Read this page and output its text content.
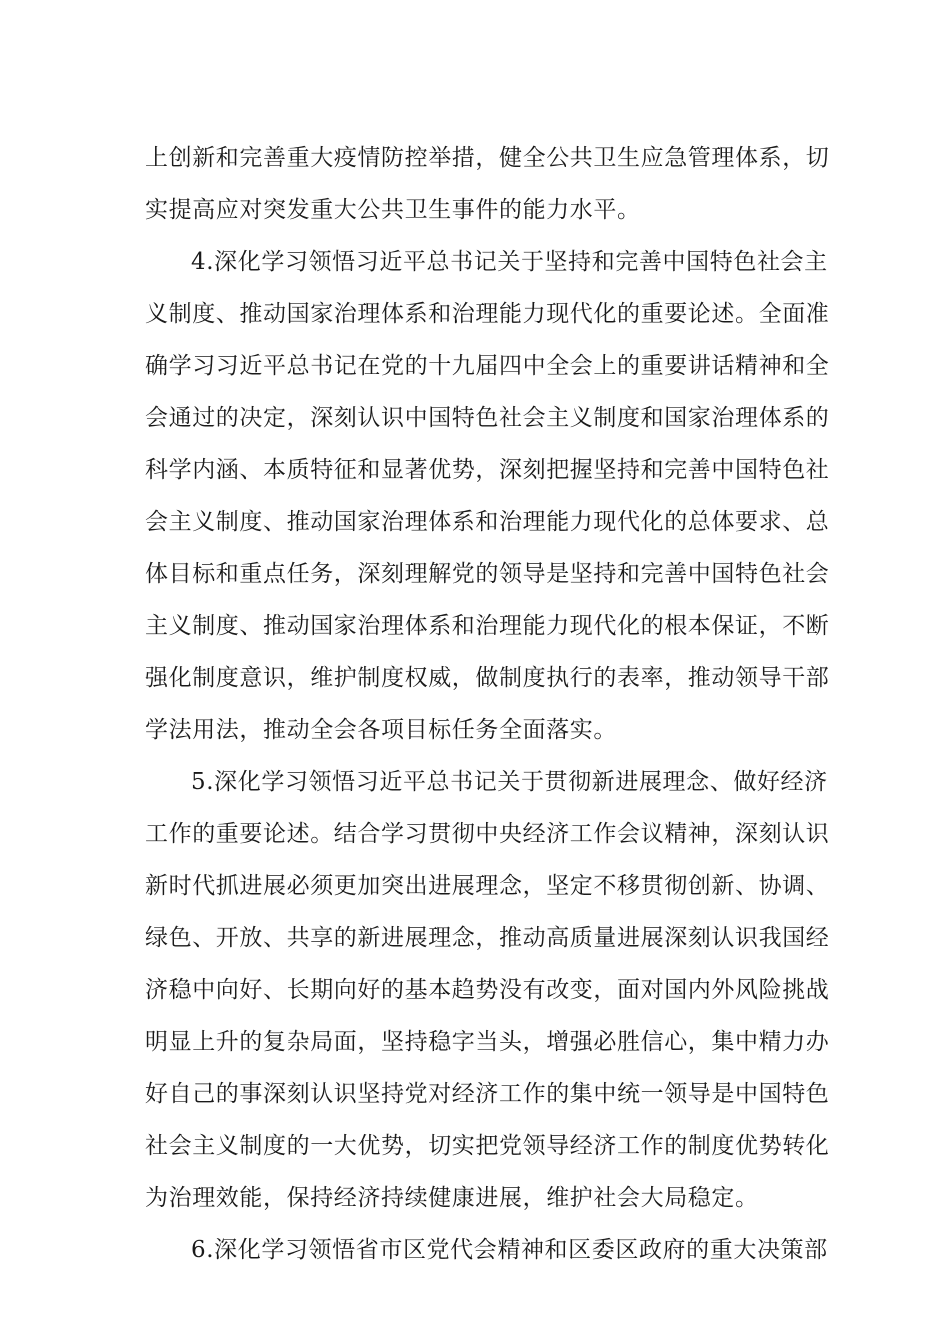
上创新和完善重大疫情防控举措，健全公共卫生应急管理体系，切
实提高应对突发重大公共卫生事件的能力水平。
4.深化学习领悟习近平总书记关于坚持和完善中国特色社会主
义制度、推动国家治理体系和治理能力现代化的重要论述。全面准
确学习习近平总书记在党的十九届四中全会上的重要讲话精神和全
会通过的决定，深刻认识中国特色社会主义制度和国家治理体系的
科学内涵、本质特征和显著优势，深刻把握坚持和完善中国特色社
会主义制度、推动国家治理体系和治理能力现代化的总体要求、总
体目标和重点任务，深刻理解党的领导是坚持和完善中国特色社会
主义制度、推动国家治理体系和治理能力现代化的根本保证，不断
强化制度意识，维护制度权威，做制度执行的表率，推动领导干部
学法用法，推动全会各项目标任务全面落实。
5.深化学习领悟习近平总书记关于贯彻新进展理念、做好经济
工作的重要论述。结合学习贯彻中央经济工作会议精神，深刻认识
新时代抓进展必须更加突出进展理念，坚定不移贯彻创新、协调、
绿色、开放、共享的新进展理念，推动高质量进展深刻认识我国经
济稳中向好、长期向好的基本趋势没有改变，面对国内外风险挑战
明显上升的复杂局面，坚持稳字当头，增强必胜信心，集中精力办
好自己的事深刻认识坚持党对经济工作的集中统一领导是中国特色
社会主义制度的一大优势，切实把党领导经济工作的制度优势转化
为治理效能，保持经济持续健康进展，维护社会大局稳定。
6.深化学习领悟省市区党代会精神和区委区政府的重大决策部
